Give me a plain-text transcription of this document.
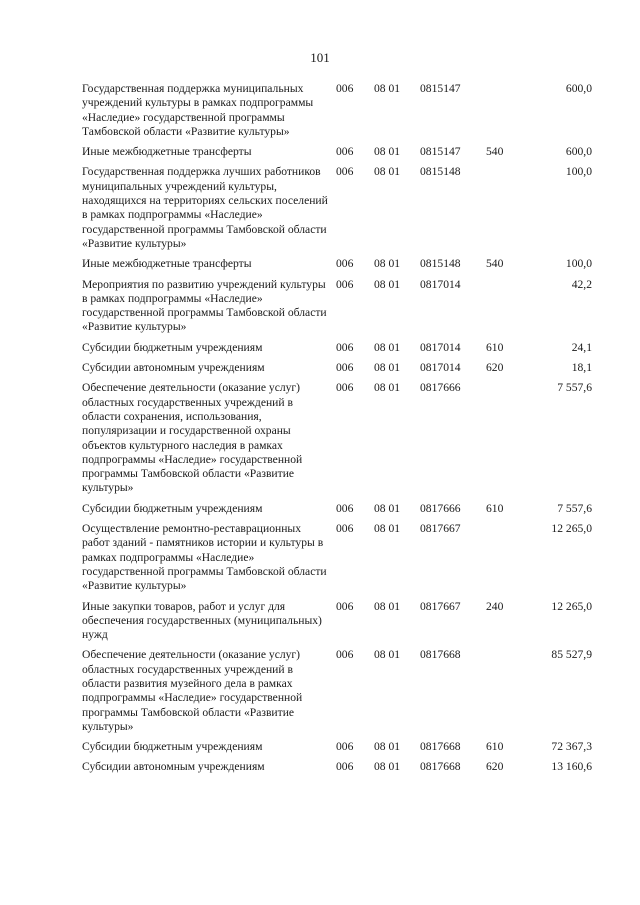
101
Государственная поддержка муниципальных учреждений культуры в рамках подпрограммы «Наследие» государственной программы Тамбовской области «Развитие культуры»	006	08 01	0815147		600,0

Иные межбюджетные трансферты	006	08 01	0815147	540	600,0

Государственная поддержка лучших работников муниципальных учреждений культуры, находящихся на территориях сельских поселений в рамках подпрограммы «Наследие» государственной программы Тамбовской области «Развитие культуры»	006	08 01	0815148		100,0

Иные межбюджетные трансферты	006	08 01	0815148	540	100,0

Мероприятия по развитию учреждений культуры в рамках подпрограммы «Наследие» государственной программы Тамбовской области «Развитие культуры»	006	08 01	0817014		42,2

Субсидии бюджетным учреждениям	006	08 01	0817014	610	24,1

Субсидии автономным учреждениям	006	08 01	0817014	620	18,1

Обеспечение деятельности (оказание услуг) областных государственных учреждений в области сохранения, использования, популяризации и государственной охраны объектов культурного наследия в рамках подпрограммы «Наследие» государственной программы Тамбовской области «Развитие культуры»	006	08 01	0817666		7 557,6

Субсидии бюджетным учреждениям	006	08 01	0817666	610	7 557,6

Осуществление ремонтно-реставрационных работ зданий - памятников истории и культуры в рамках подпрограммы «Наследие» государственной программы Тамбовской области «Развитие культуры»	006	08 01	0817667		12 265,0

Иные закупки товаров, работ и услуг для обеспечения государственных (муниципальных) нужд	006	08 01	0817667	240	12 265,0

Обеспечение деятельности (оказание услуг) областных государственных учреждений в области развития музейного дела в рамках подпрограммы «Наследие» государственной программы Тамбовской области «Развитие культуры»	006	08 01	0817668		85 527,9

Субсидии бюджетным учреждениям	006	08 01	0817668	610	72 367,3

Субсидии автономным учреждениям	006	08 01	0817668	620	13 160,6
